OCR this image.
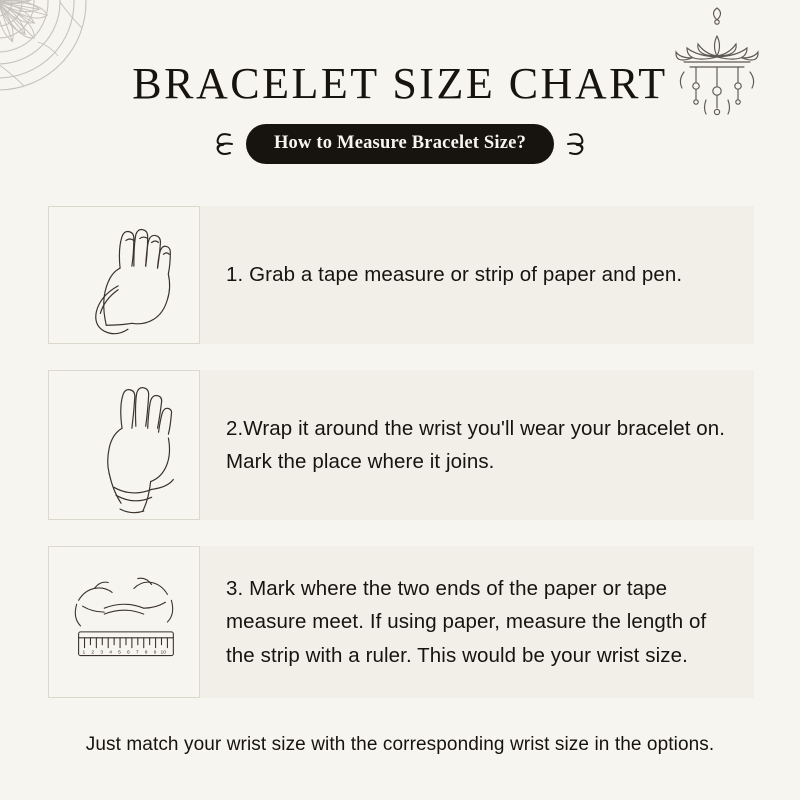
BRACELET SIZE CHART
How to Measure Bracelet Size?
1. Grab a tape measure or strip of paper and pen.
2.Wrap it around the wrist you'll wear your bracelet on. Mark the place where it joins.
1 2 3 4 5 6 7 8 9 10
3. Mark where the two ends of the paper or tape measure meet. If using paper, measure the length of the strip with a ruler. This would be your wrist size.
Just match your wrist size with the corresponding wrist size in the options.
